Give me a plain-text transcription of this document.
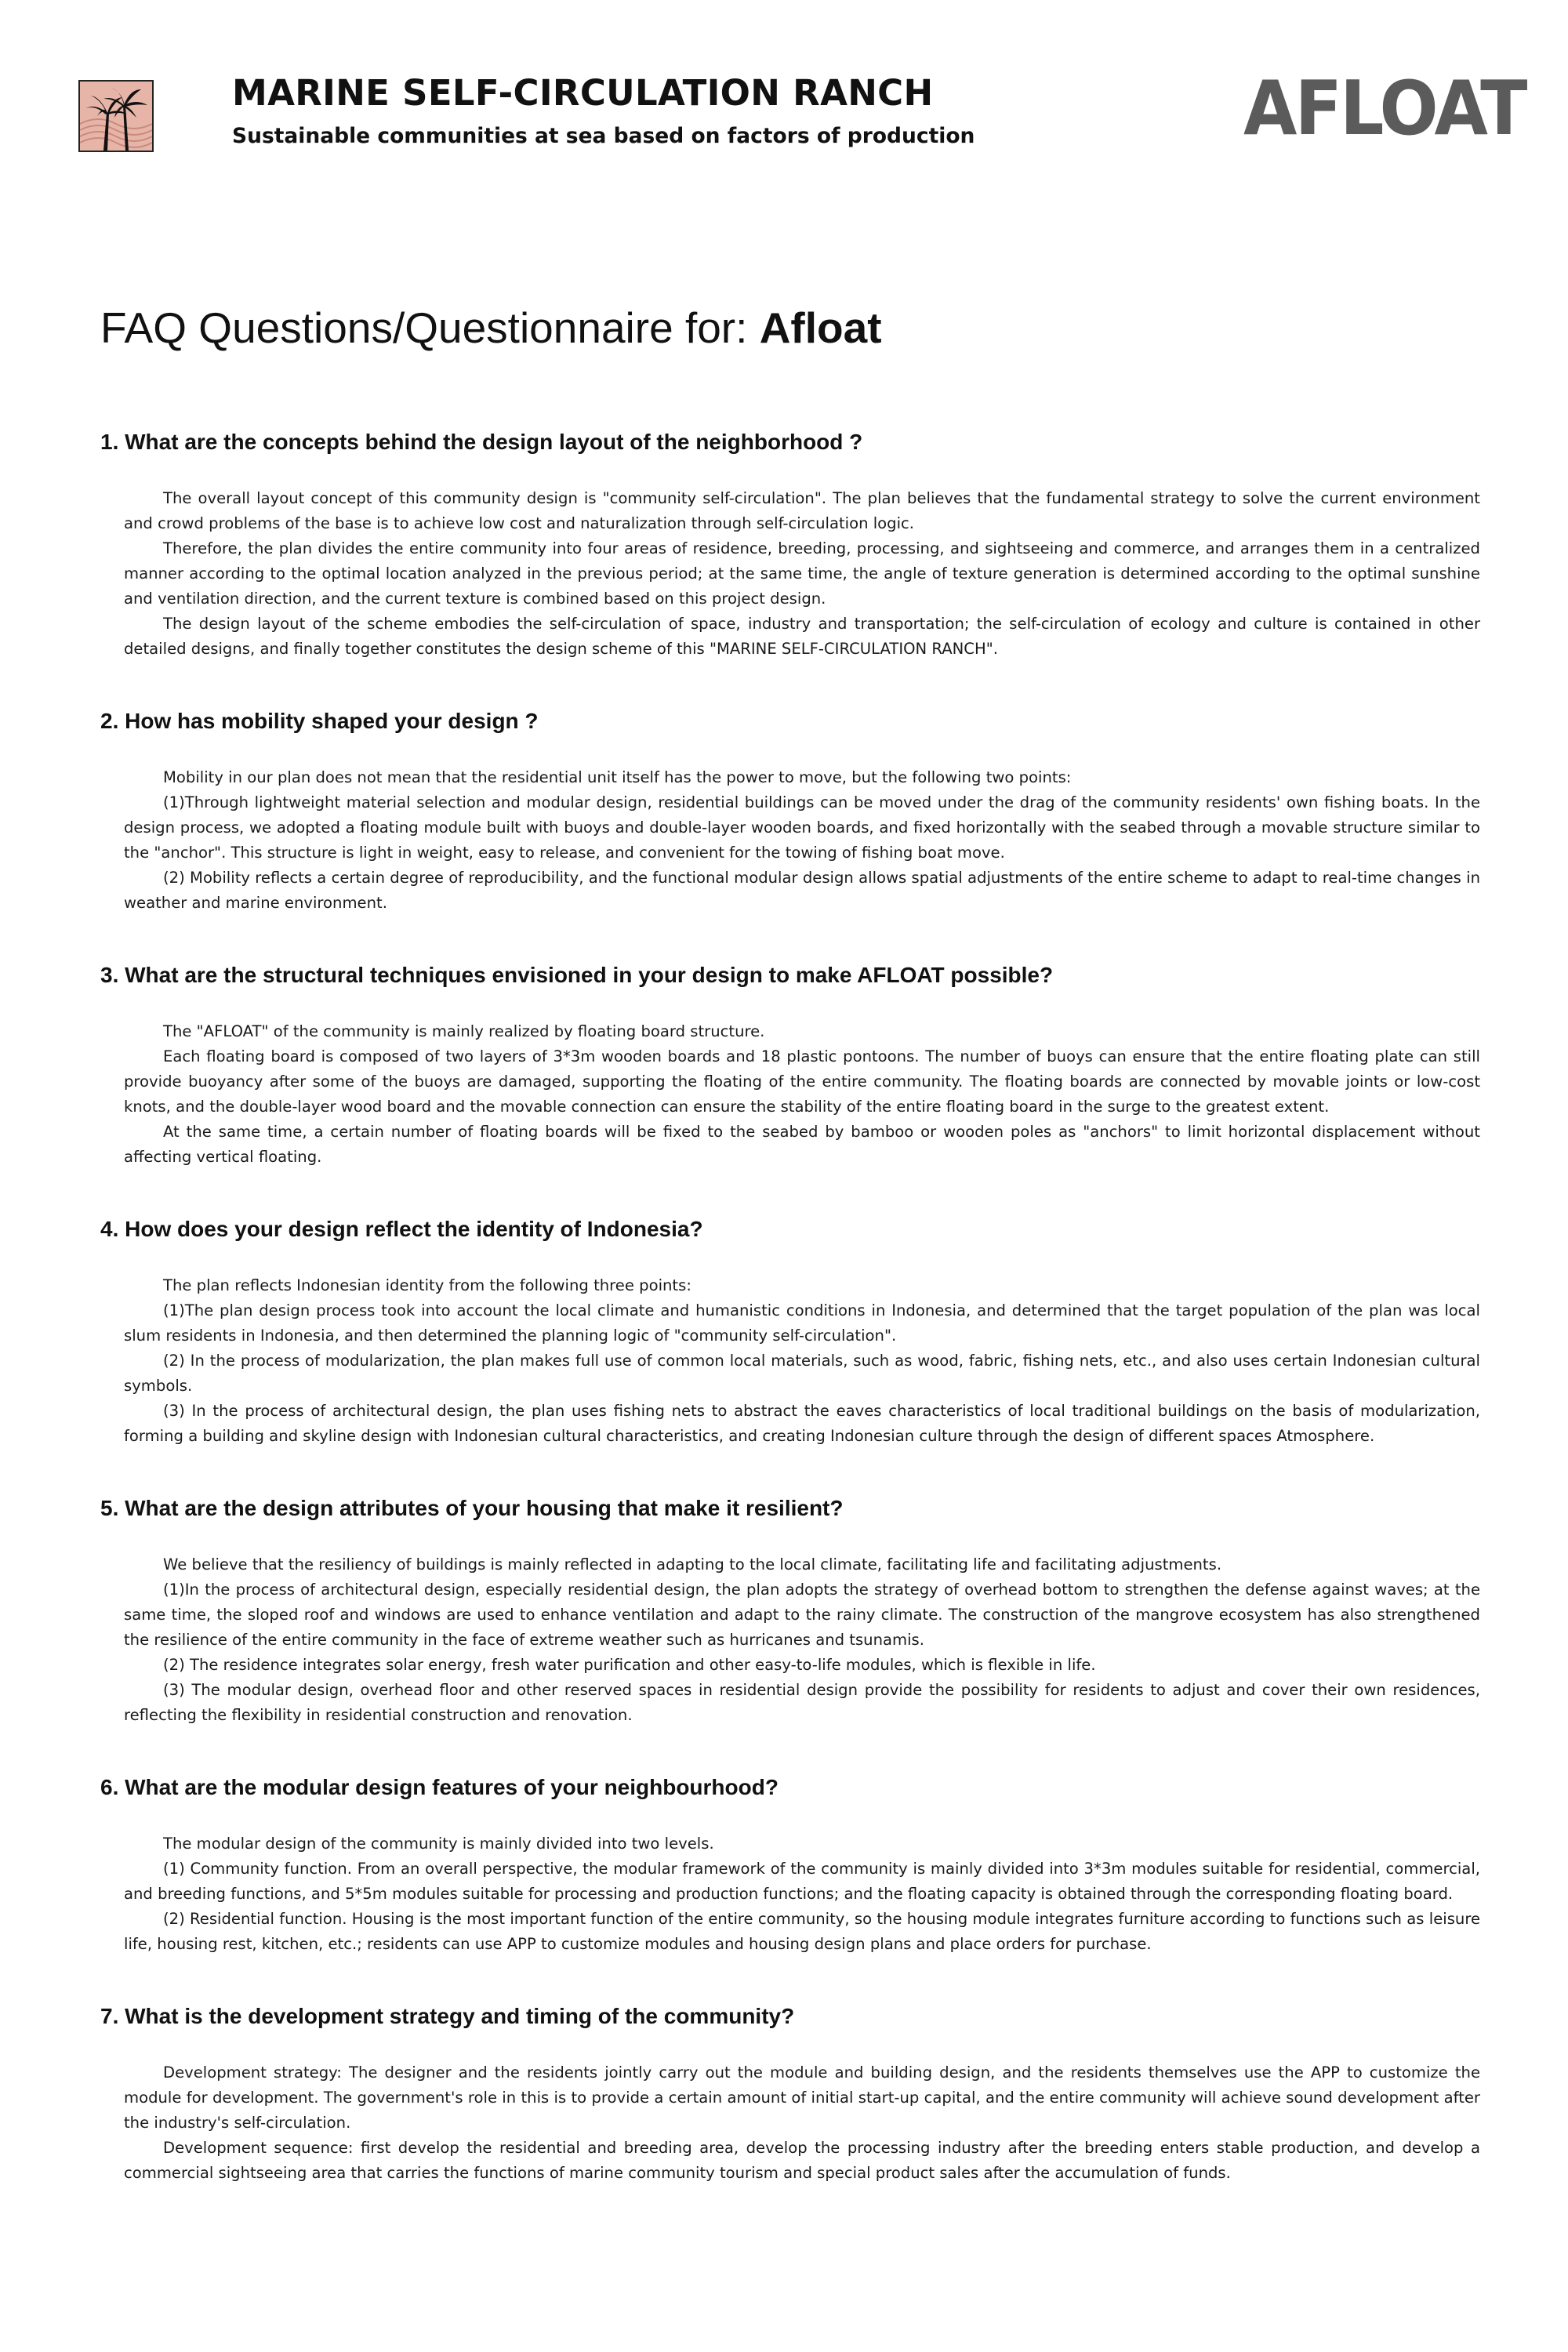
MARINE SELF-CIRCULATION RANCH
Sustainable communities at sea based on factors of production	AFLOAT
FAQ Questions/Questionnaire for: Afloat
1. What are the concepts behind the design layout of the neighborhood ?

The overall layout concept of this community design is "community self-circulation". The plan believes that the fundamental strategy to solve the current environment and crowd problems of the base is to achieve low cost and naturalization through self-circulation logic.

Therefore, the plan divides the entire community into four areas of residence, breeding, processing, and sightseeing and commerce, and arranges them in a centralized manner according to the optimal location analyzed in the previous period; at the same time, the angle of texture generation is determined according to the optimal sunshine and ventilation direction, and the current texture is combined based on this project design.

The design layout of the scheme embodies the self-circulation of space, industry and transportation; the self-circulation of ecology and culture is contained in other detailed designs, and finally together constitutes the design scheme of this "MARINE SELF-CIRCULATION RANCH".

2. How has mobility shaped your design ?

Mobility in our plan does not mean that the residential unit itself has the power to move, but the following two points:

(1)Through lightweight material selection and modular design, residential buildings can be moved under the drag of the community residents' own fishing boats. In the design process, we adopted a floating module built with buoys and double-layer wooden boards, and fixed horizontally with the seabed through a movable structure similar to the "anchor". This structure is light in weight, easy to release, and convenient for the towing of fishing boat move.

(2) Mobility reflects a certain degree of reproducibility, and the functional modular design allows spatial adjustments of the entire scheme to adapt to real-time changes in weather and marine environment.

3. What are the structural techniques envisioned in your design to make AFLOAT possible?

The "AFLOAT" of the community is mainly realized by floating board structure.

Each floating board is composed of two layers of 3*3m wooden boards and 18 plastic pontoons. The number of buoys can ensure that the entire floating plate can still provide buoyancy after some of the buoys are damaged, supporting the floating of the entire community. The floating boards are connected by movable joints or low-cost knots, and the double-layer wood board and the movable connection can ensure the stability of the entire floating board in the surge to the greatest extent.

At the same time, a certain number of floating boards will be fixed to the seabed by bamboo or wooden poles as "anchors" to limit horizontal displacement without affecting vertical floating.

4. How does your design reflect the identity of Indonesia?

The plan reflects Indonesian identity from the following three points:

(1)The plan design process took into account the local climate and humanistic conditions in Indonesia, and determined that the target population of the plan was local slum residents in Indonesia, and then determined the planning logic of "community self-circulation".

(2) In the process of modularization, the plan makes full use of common local materials, such as wood, fabric, fishing nets, etc., and also uses certain Indonesian cultural symbols.

(3) In the process of architectural design, the plan uses fishing nets to abstract the eaves characteristics of local traditional buildings on the basis of modularization, forming a building and skyline design with Indonesian cultural characteristics, and creating Indonesian culture through the design of different spaces Atmosphere.

5. What are the design attributes of your housing that make it resilient?

We believe that the resiliency of buildings is mainly reflected in adapting to the local climate, facilitating life and facilitating adjustments.

(1)In the process of architectural design, especially residential design, the plan adopts the strategy of overhead bottom to strengthen the defense against waves; at the same time, the sloped roof and windows are used to enhance ventilation and adapt to the rainy climate. The construction of the mangrove ecosystem has also strengthened the resilience of the entire community in the face of extreme weather such as hurricanes and tsunamis.

(2) The residence integrates solar energy, fresh water purification and other easy-to-life modules, which is flexible in life.

(3) The modular design, overhead floor and other reserved spaces in residential design provide the possibility for residents to adjust and cover their own residences, reflecting the flexibility in residential construction and renovation.

6. What are the modular design features of your neighbourhood?

The modular design of the community is mainly divided into two levels.

(1) Community function. From an overall perspective, the modular framework of the community is mainly divided into 3*3m modules suitable for residential, commercial, and breeding functions, and 5*5m modules suitable for processing and production functions; and the floating capacity is obtained through the corresponding floating board.

(2) Residential function. Housing is the most important function of the entire community, so the housing module integrates furniture according to functions such as leisure life, housing rest, kitchen, etc.; residents can use APP to customize modules and housing design plans and place orders for purchase.

7. What is the development strategy and timing of the community?

Development strategy: The designer and the residents jointly carry out the module and building design, and the residents themselves use the APP to customize the module for development. The government's role in this is to provide a certain amount of initial start-up capital, and the entire community will achieve sound development after the industry's self-circulation.

Development sequence: first develop the residential and breeding area, develop the processing industry after the breeding enters stable production, and develop a commercial sightseeing area that carries the functions of marine community tourism and special product sales after the accumulation of funds.
